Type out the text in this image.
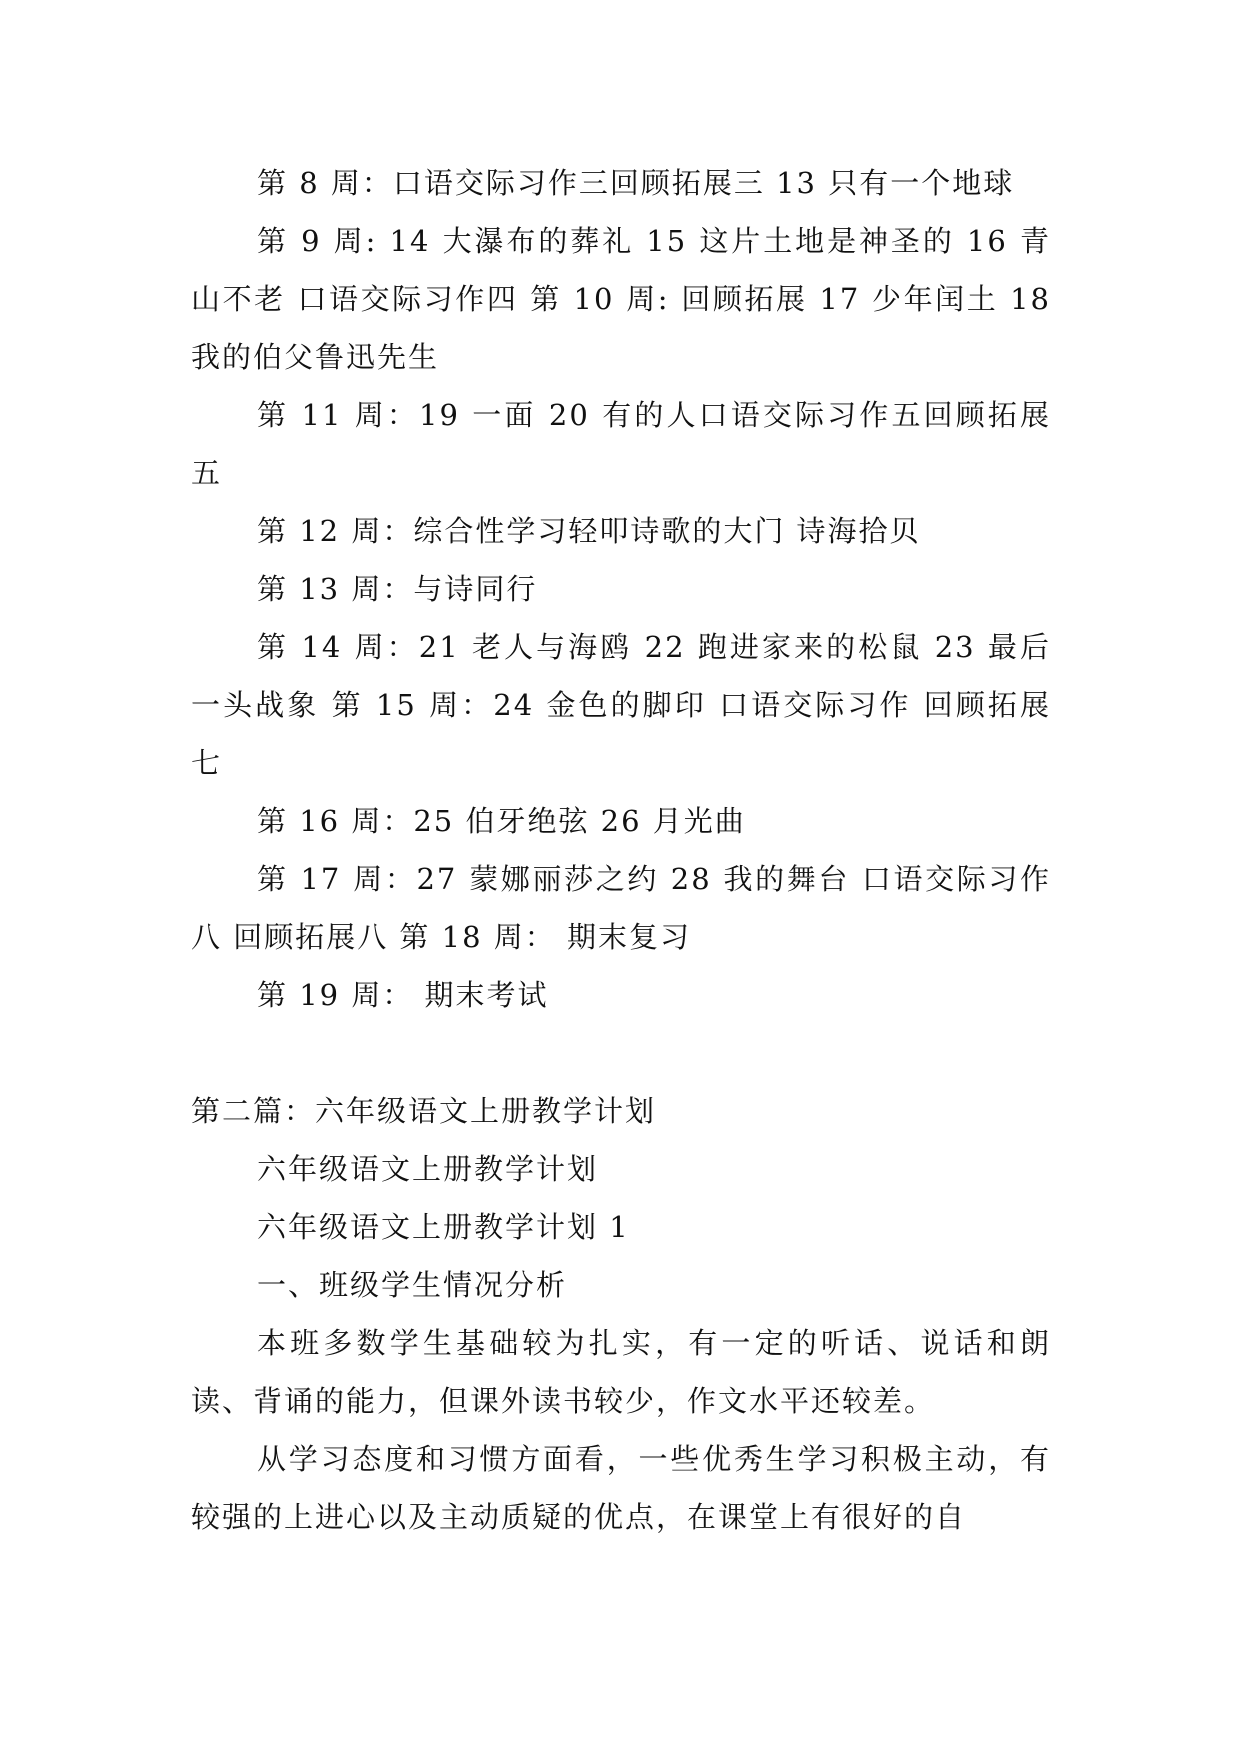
第 8 周：口语交际习作三回顾拓展三 13 只有一个地球

第 9 周: 14 大瀑布的葬礼 15 这片土地是神圣的 16 青山不老 口语交际习作四 第 10 周: 回顾拓展 17 少年闰土 18 我的伯父鲁迅先生

第 11 周：19 一面 20 有的人口语交际习作五回顾拓展五

第 12 周：综合性学习轻叩诗歌的大门 诗海拾贝

第 13 周：与诗同行

第 14 周：21 老人与海鸥 22 跑进家来的松鼠 23 最后一头战象 第 15 周：24 金色的脚印 口语交际习作 回顾拓展七

第 16 周：25 伯牙绝弦 26 月光曲

第 17 周：27 蒙娜丽莎之约 28 我的舞台 口语交际习作八 回顾拓展八 第 18 周： 期末复习

第 19 周： 期末考试

第二篇：六年级语文上册教学计划

六年级语文上册教学计划

六年级语文上册教学计划 1

一、班级学生情况分析

本班多数学生基础较为扎实，有一定的听话、说话和朗读、背诵的能力，但课外读书较少，作文水平还较差。

从学习态度和习惯方面看，一些优秀生学习积极主动，有较强的上进心以及主动质疑的优点，在课堂上有很好的自
